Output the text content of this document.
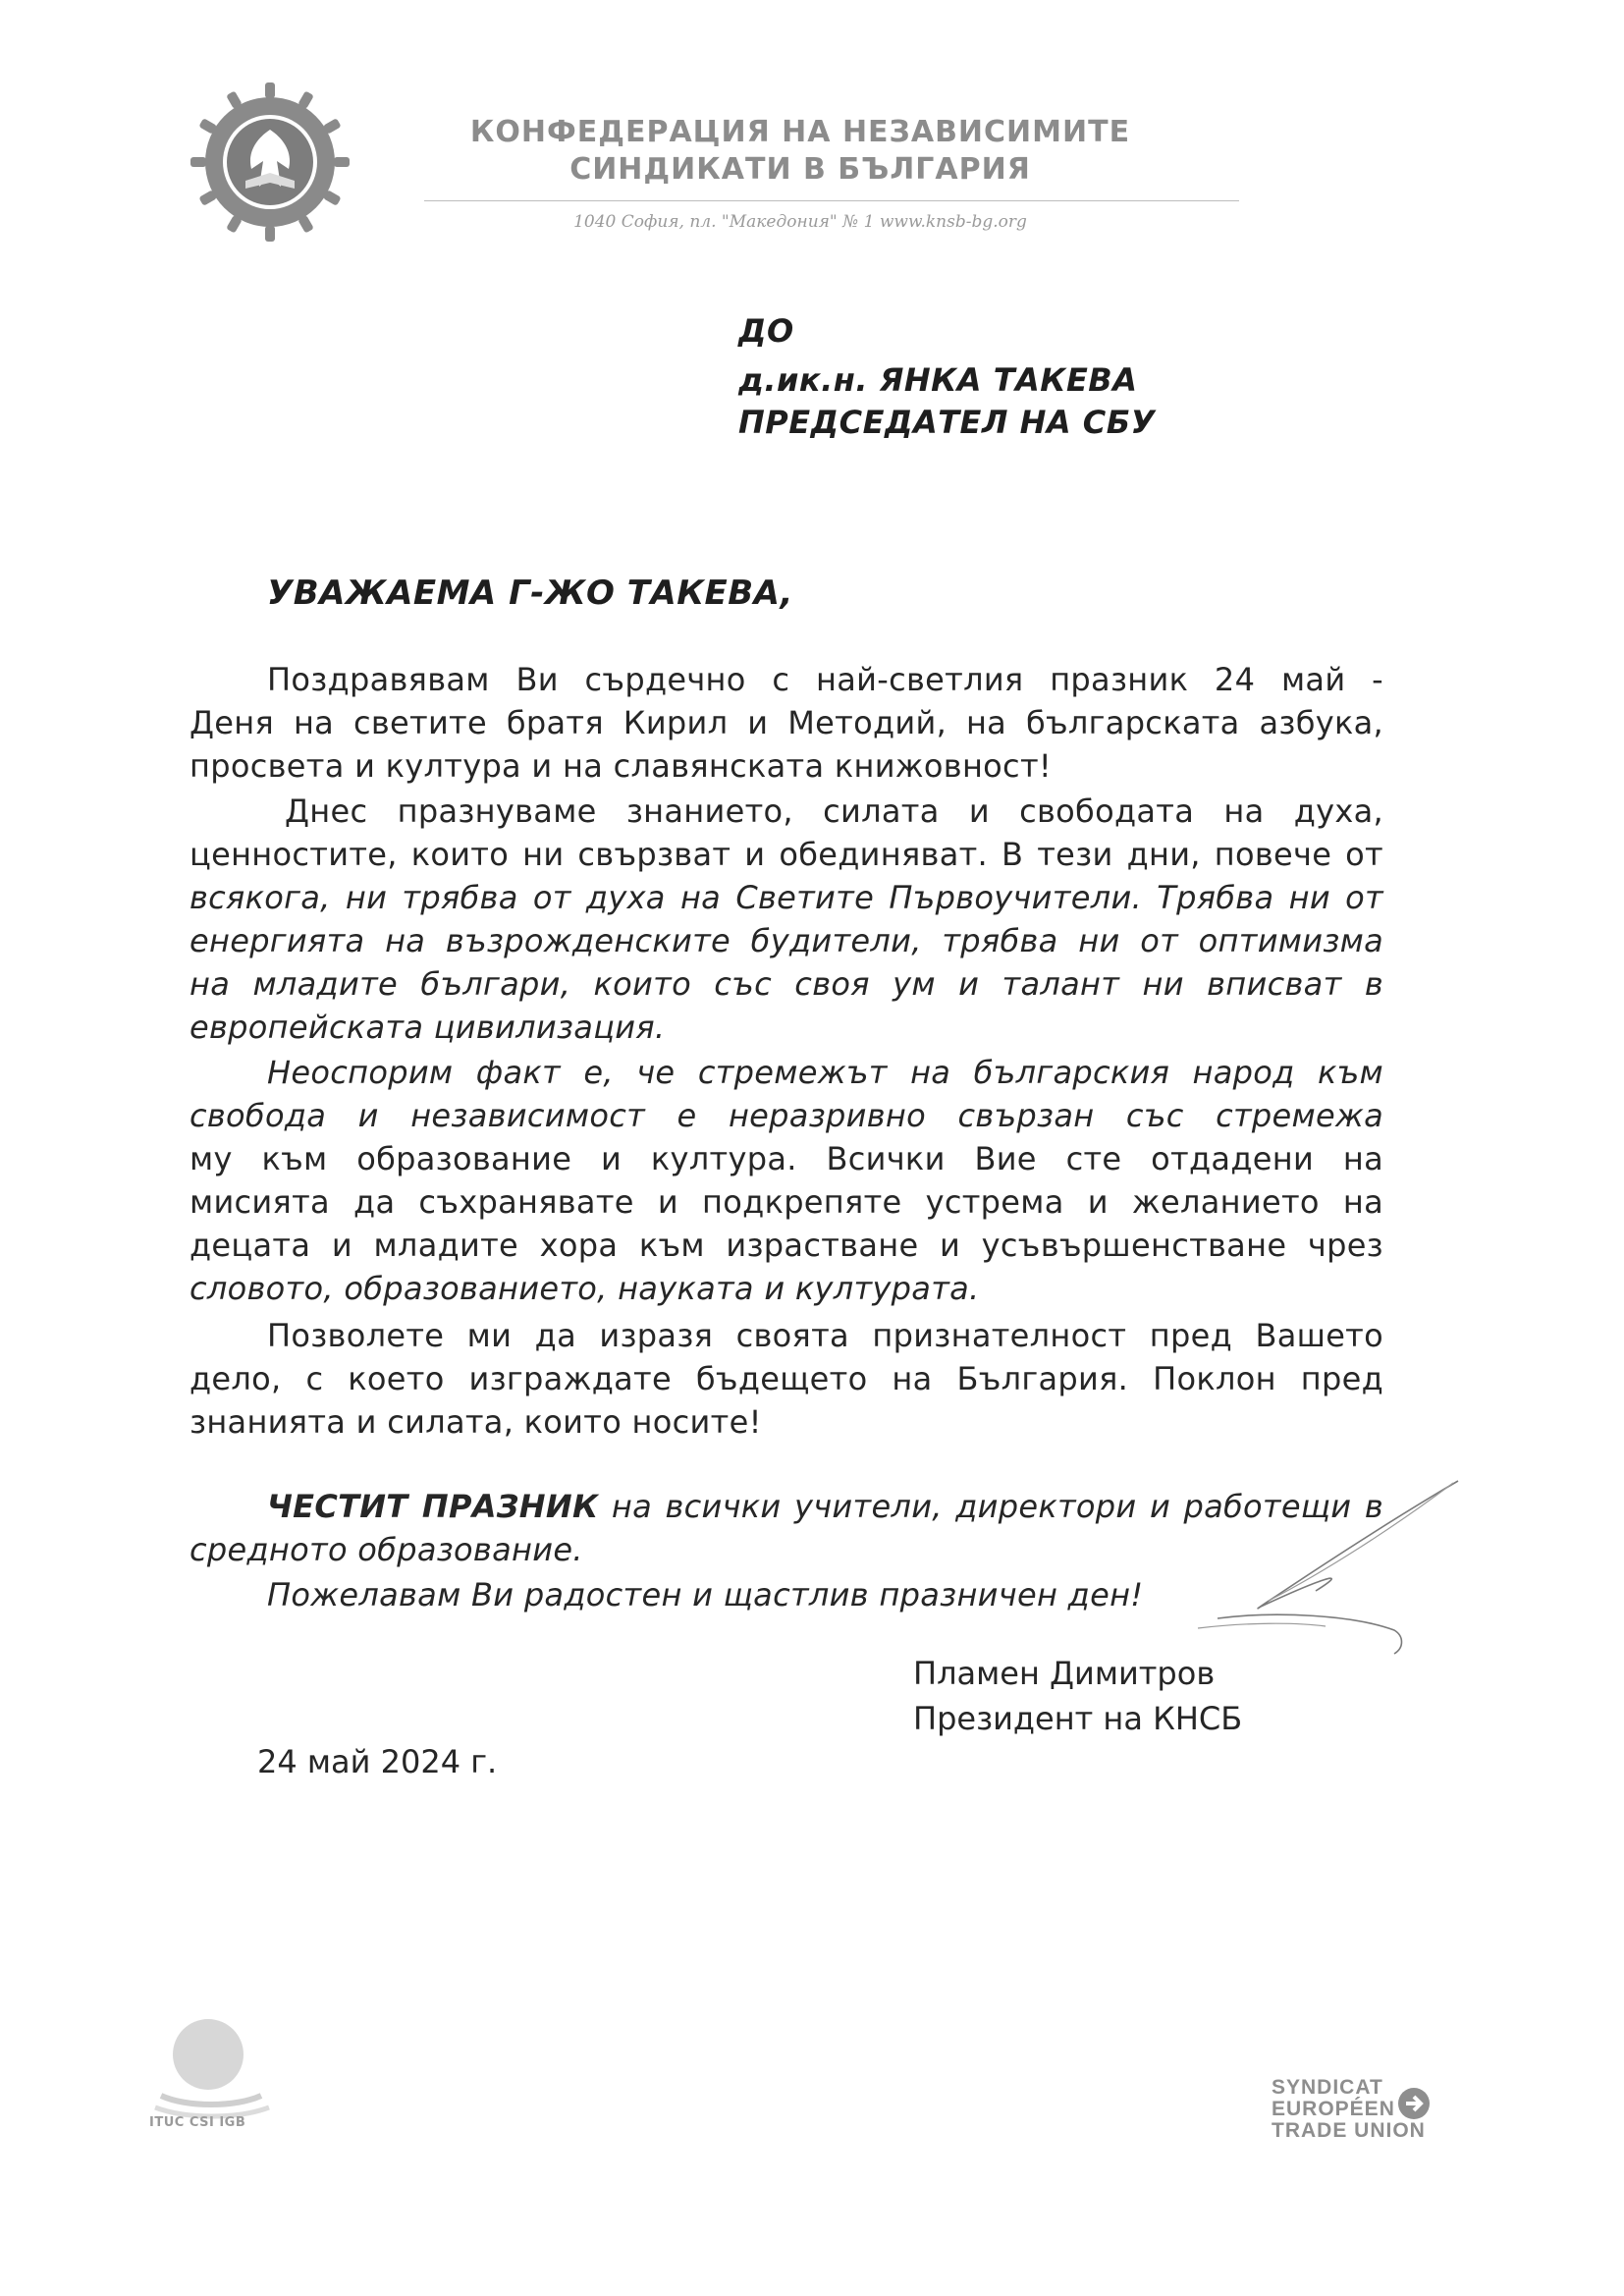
КОНФЕДЕРАЦИЯ НА НЕЗАВИСИМИТЕ
СИНДИКАТИ В БЪЛГАРИЯ
1040 София, пл. "Македония" № 1 www.knsb-bg.org
ДО
д.ик.н. ЯНКА ТАКЕВА
ПРЕДСЕДАТЕЛ НА СБУ
УВАЖАЕМА Г-ЖО ТАКЕВА,
Поздравявам Ви сърдечно с най-светлия празник 24 май -
Деня на светите братя Кирил и Методий, на българската азбука,
просвета и култура и на славянската книжовност!
Днес празнуваме знанието, силата и свободата на духа,
ценностите, които ни свързват и обединяват. В тези дни, повече от
всякога, ни трябва от духа на Светите Първоучители. Трябва ни от
енергията на възрожденските будители, трябва ни от оптимизма
на младите българи, които със своя ум и талант ни вписват в
европейската цивилизация.
Неоспорим факт е, че стремежът на българския народ към
свобода и независимост е неразривно свързан със стремежа
му към образование и култура. Всички Вие сте отдадени на
мисията да съхранявате и подкрепяте устрема и желанието на
децата и младите хора към израстване и усъвършенстване чрез
словото, образованието, науката и културата.
Позволете ми да изразя своята признателност пред Вашето
дело, с което изграждате бъдещето на България. Поклон пред
знанията и силата, които носите!
ЧЕСТИТ ПРАЗНИК на всички учители, директори и работещи в
средното образование.
Пожелавам Ви радостен и щастлив празничен ден!
Пламен Димитров
Президент на КНСБ
24 май 2024 г.
ITUC CSI IGB
SYNDICAT
EUROPÉEN
TRADE UNION
